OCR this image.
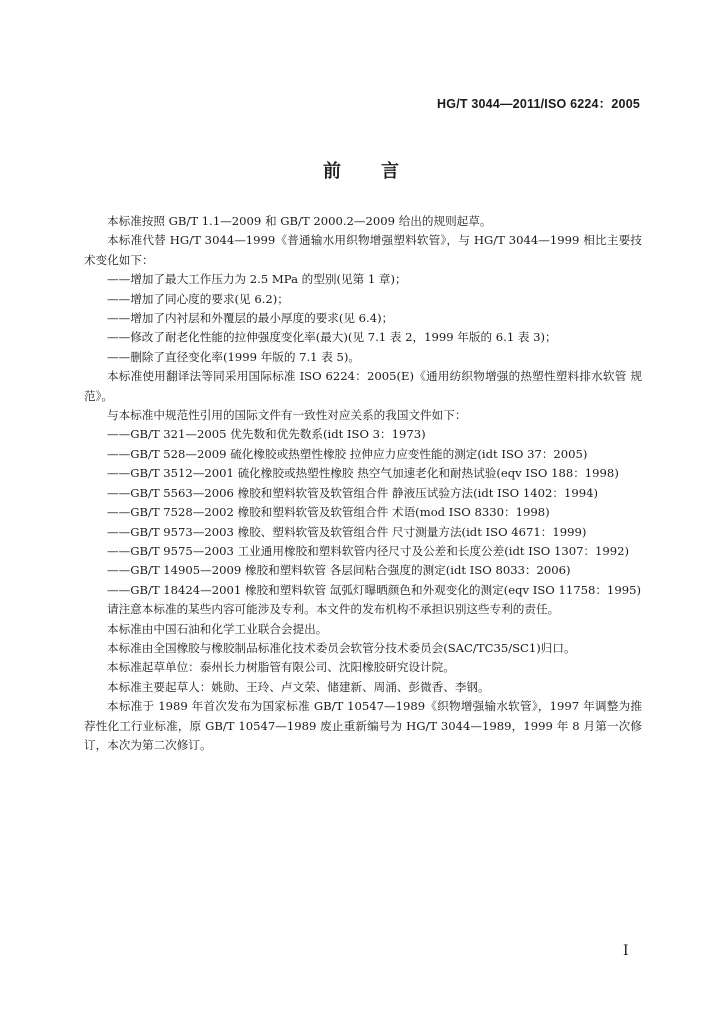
HG/T 3044—2011/ISO 6224：2005
前 言

本标准按照 GB/T 1.1—2009 和 GB/T 2000.2—2009 给出的规则起草。

本标准代替 HG/T 3044—1999《普通输水用织物增强塑料软管》，与 HG/T 3044—1999 相比主要技术变化如下：

——增加了最大工作压力为 2.5 MPa 的型别(见第 1 章)；

——增加了同心度的要求(见 6.2)；

——增加了内衬层和外覆层的最小厚度的要求(见 6.4)；

——修改了耐老化性能的拉伸强度变化率(最大)(见 7.1 表 2，1999 年版的 6.1 表 3)；

——删除了直径变化率(1999 年版的 7.1 表 5)。

本标准使用翻译法等同采用国际标准 ISO 6224：2005(E)《通用纺织物增强的热塑性塑料排水软管 规范》。

与本标准中规范性引用的国际文件有一致性对应关系的我国文件如下：

——GB/T 321—2005 优先数和优先数系(idt ISO 3：1973)

——GB/T 528—2009 硫化橡胶或热塑性橡胶 拉伸应力应变性能的测定(idt ISO 37：2005)

——GB/T 3512—2001 硫化橡胶或热塑性橡胶 热空气加速老化和耐热试验(eqv ISO 188：1998)

——GB/T 5563—2006 橡胶和塑料软管及软管组合件 静液压试验方法(idt ISO 1402：1994)

——GB/T 7528—2002 橡胶和塑料软管及软管组合件 术语(mod ISO 8330：1998)

——GB/T 9573—2003 橡胶、塑料软管及软管组合件 尺寸测量方法(idt ISO 4671：1999)

——GB/T 9575—2003 工业通用橡胶和塑料软管内径尺寸及公差和长度公差(idt ISO 1307：1992)

——GB/T 14905—2009 橡胶和塑料软管 各层间粘合强度的测定(idt ISO 8033：2006)

——GB/T 18424—2001 橡胶和塑料软管 氙弧灯曝晒颜色和外观变化的测定(eqv ISO 11758：1995)

请注意本标准的某些内容可能涉及专利。本文件的发布机构不承担识别这些专利的责任。

本标准由中国石油和化学工业联合会提出。

本标准由全国橡胶与橡胶制品标准化技术委员会软管分技术委员会(SAC/TC35/SC1)归口。

本标准起草单位：泰州长力树脂管有限公司、沈阳橡胶研究设计院。

本标准主要起草人：姚勋、王玲、卢文荣、储建新、周涌、彭微香、李钢。

本标准于 1989 年首次发布为国家标准 GB/T 10547—1989《织物增强输水软管》，1997 年调整为推荐性化工行业标准，原 GB/T 10547—1989 废止重新编号为 HG/T 3044—1989，1999 年 8 月第一次修订，本次为第二次修订。

I
